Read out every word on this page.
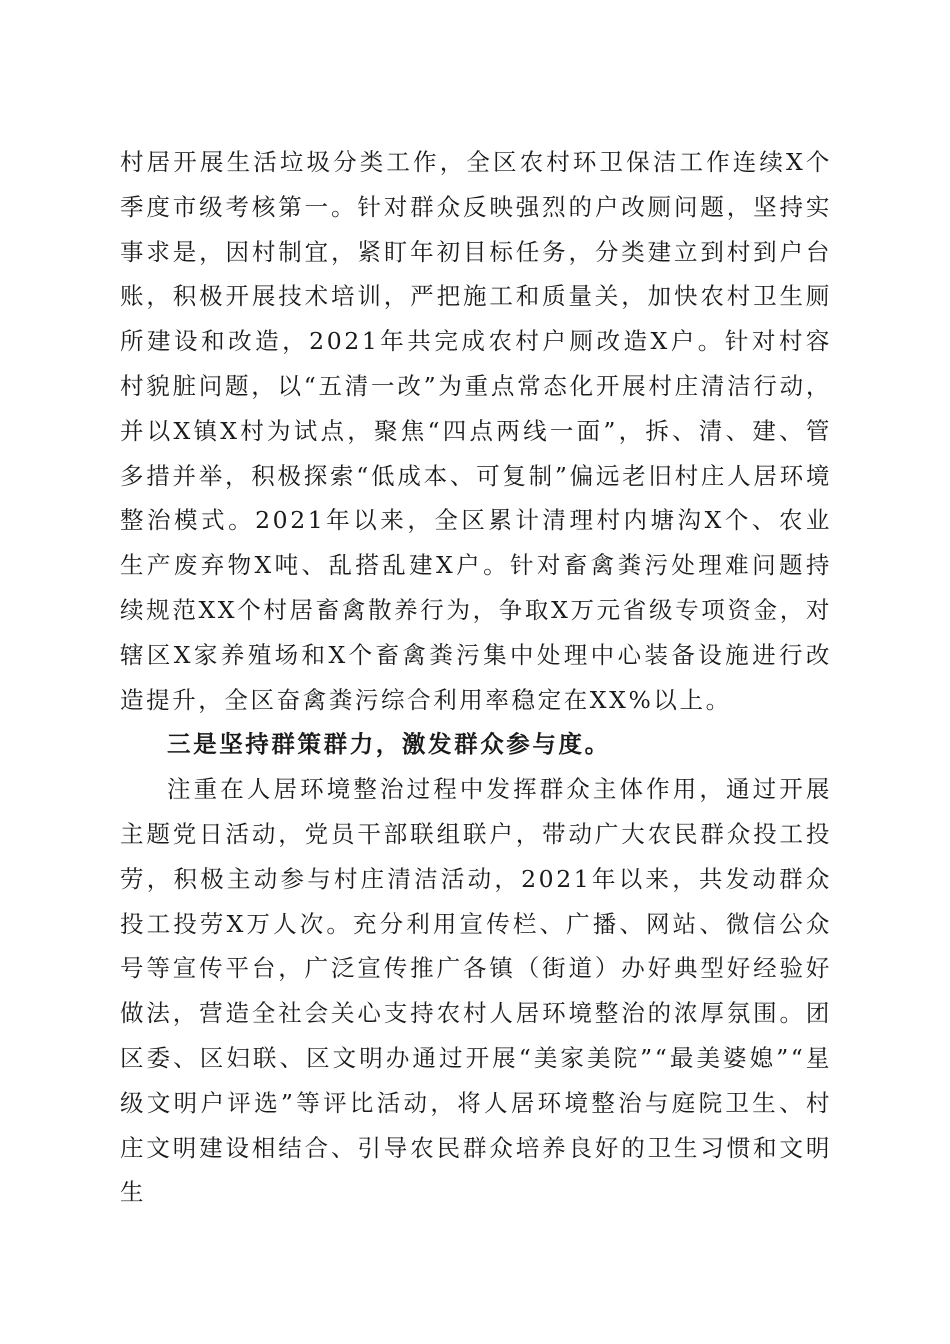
村居开展生活垃圾分类工作，全区农村环卫保洁工作连续X个季度市级考核第一。针对群众反映强烈的户改厕问题，坚持实事求是，因村制宜，紧盯年初目标任务，分类建立到村到户台账，积极开展技术培训，严把施工和质量关，加快农村卫生厕所建设和改造，2021年共完成农村户厕改造X户。针对村容村貌脏问题，以“五清一改”为重点常态化开展村庄清洁行动，并以X镇X村为试点，聚焦“四点两线一面”，拆、清、建、管多措并举，积极探索“低成本、可复制”偏远老旧村庄人居环境整治模式。2021年以来，全区累计清理村内塘沟X个、农业生产废弃物X吨、乱搭乱建X户。针对畜禽粪污处理难问题持续规范XX个村居畜禽散养行为，争取X万元省级专项资金，对辖区X家养殖场和X个畜禽粪污集中处理中心装备设施进行改造提升，全区奋禽粪污综合利用率稳定在XX%以上。

三是坚持群策群力，激发群众参与度。

注重在人居环境整治过程中发挥群众主体作用，通过开展主题党日活动，党员干部联组联户，带动广大农民群众投工投劳，积极主动参与村庄清洁活动，2021年以来，共发动群众投工投劳X万人次。充分利用宣传栏、广播、网站、微信公众号等宣传平台，广泛宣传推广各镇（街道）办好典型好经验好做法，营造全社会关心支持农村人居环境整治的浓厚氛围。团区委、区妇联、区文明办通过开展“美家美院”“最美婆媳”“星级文明户评选”等评比活动，将人居环境整治与庭院卫生、村庄文明建设相结合、引导农民群众培养良好的卫生习惯和文明生
